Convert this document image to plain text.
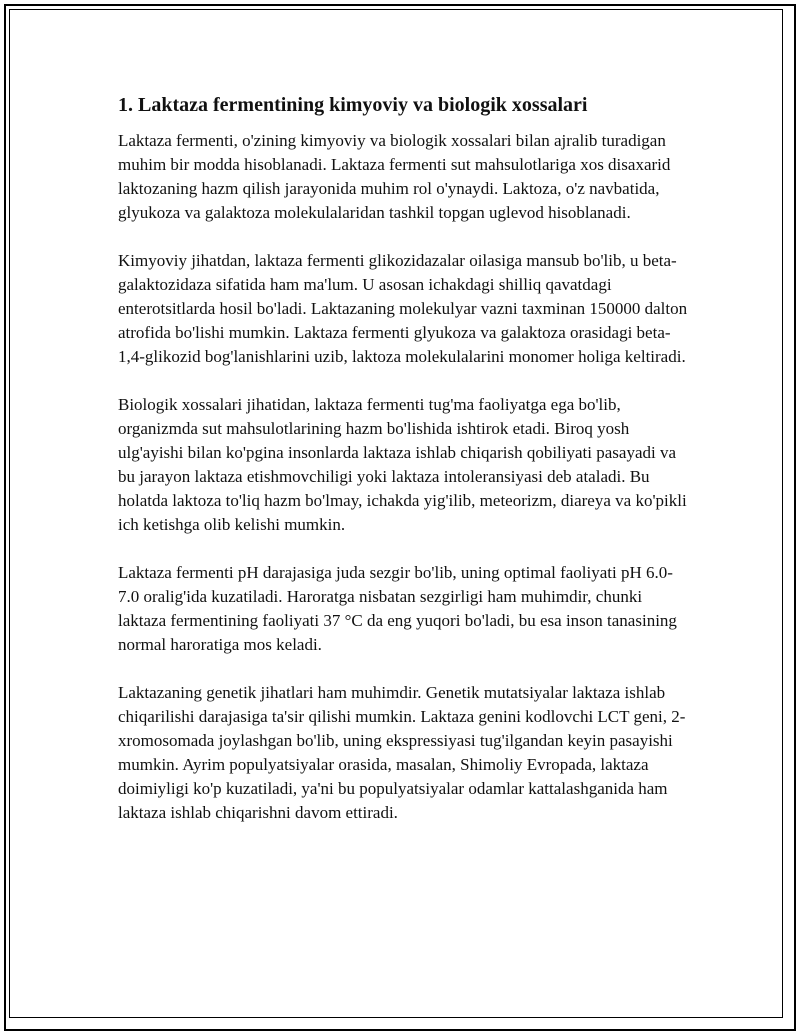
1. Laktaza fermentining kimyoviy va biologik xossalari

Laktaza fermenti, o'zining kimyoviy va biologik xossalari bilan ajralib turadigan muhim bir modda hisoblanadi. Laktaza fermenti sut mahsulotlariga xos disaxarid laktozaning hazm qilish jarayonida muhim rol o'ynaydi. Laktoza, o'z navbatida, glyukoza va galaktoza molekulalaridan tashkil topgan uglevod hisoblanadi.

Kimyoviy jihatdan, laktaza fermenti glikozidazalar oilasiga mansub bo'lib, u beta-galaktozidaza sifatida ham ma'lum. U asosan ichakdagi shilliq qavatdagi enterotsitlarda hosil bo'ladi. Laktazaning molekulyar vazni taxminan 150000 dalton atrofida bo'lishi mumkin. Laktaza fermenti glyukoza va galaktoza orasidagi beta-1,4-glikozid bog'lanishlarini uzib, laktoza molekulalarini monomer holiga keltiradi.

Biologik xossalari jihatidan, laktaza fermenti tug'ma faoliyatga ega bo'lib, organizmda sut mahsulotlarining hazm bo'lishida ishtirok etadi. Biroq yosh ulg'ayishi bilan ko'pgina insonlarda laktaza ishlab chiqarish qobiliyati pasayadi va bu jarayon laktaza etishmovchiligi yoki laktaza intoleransiyasi deb ataladi. Bu holatda laktoza to'liq hazm bo'lmay, ichakda yig'ilib, meteorizm, diareya va ko'pikli ich ketishga olib kelishi mumkin.

Laktaza fermenti pH darajasiga juda sezgir bo'lib, uning optimal faoliyati pH 6.0-7.0 oralig'ida kuzatiladi. Haroratga nisbatan sezgirligi ham muhimdir, chunki laktaza fermentining faoliyati 37 °C da eng yuqori bo'ladi, bu esa inson tanasining normal haroratiga mos keladi.

Laktazaning genetik jihatlari ham muhimdir. Genetik mutatsiyalar laktaza ishlab chiqarilishi darajasiga ta'sir qilishi mumkin. Laktaza genini kodlovchi LCT geni, 2-xromosomada joylashgan bo'lib, uning ekspressiyasi tug'ilgandan keyin pasayishi mumkin. Ayrim populyatsiyalar orasida, masalan, Shimoliy Evropada, laktaza doimiyligi ko'p kuzatiladi, ya'ni bu populyatsiyalar odamlar kattalashganida ham laktaza ishlab chiqarishni davom ettiradi.
